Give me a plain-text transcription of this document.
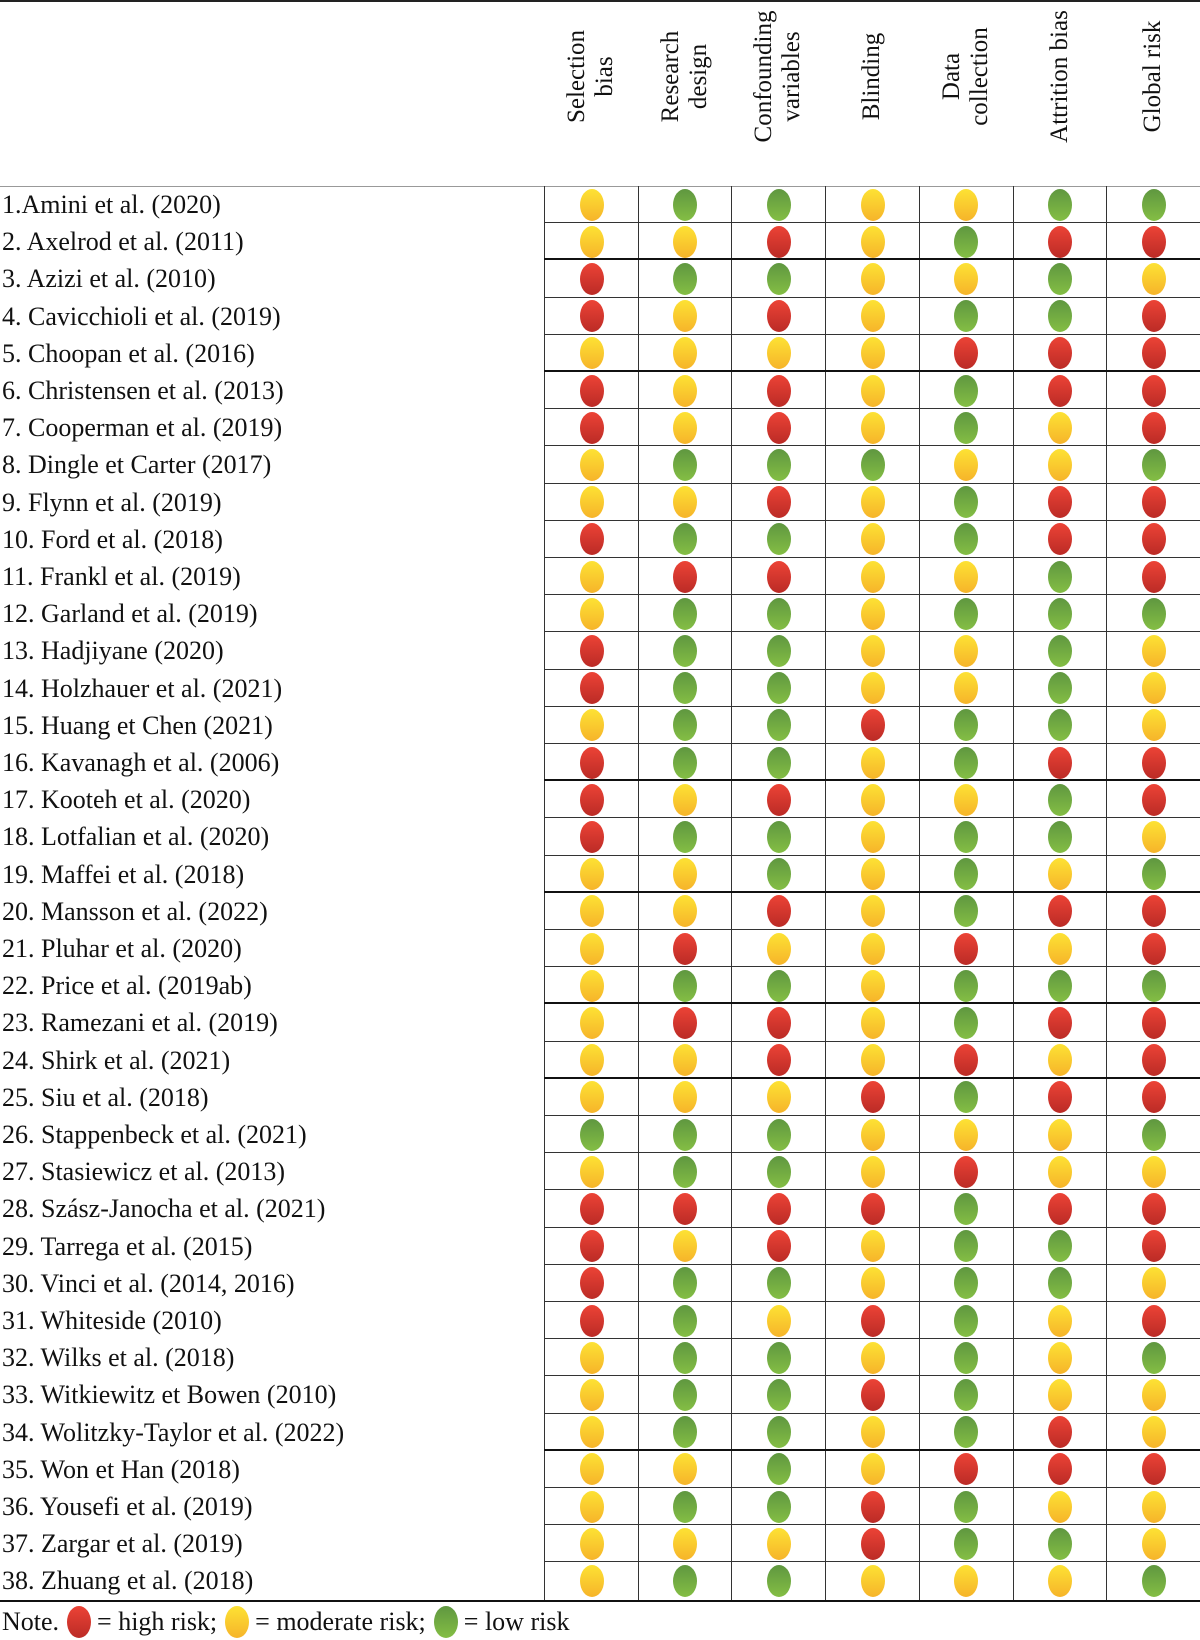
Selection bias Research design Confounding variables Blinding Data collection Attrition bias	Global risk
1.Amini et al. (2020)
2. Axelrod et al. (2011)
3. Azizi et al. (2010)
4. Cavicchioli et al. (2019)
5. Choopan et al. (2016)
6. Christensen et al. (2013)
7. Cooperman et al. (2019)
8. Dingle et Carter (2017)
9. Flynn et al. (2019)
10. Ford et al. (2018)
11. Frankl et al. (2019)
12. Garland et al. (2019)
13. Hadjiyane (2020)
14. Holzhauer et al. (2021)
15. Huang et Chen (2021)
16. Kavanagh et al. (2006)
17. Kooteh et al. (2020)
18. Lotfalian et al. (2020)
19. Maffei et al. (2018)
20. Mansson et al. (2022)
21. Pluhar et al. (2020)
22. Price et al. (2019ab)
23. Ramezani et al. (2019)
24. Shirk et al. (2021)
25. Siu et al. (2018)
26. Stappenbeck et al. (2021)
27. Stasiewicz et al. (2013)
28. Szász-Janocha et al. (2021)
29. Tarrega et al. (2015)
30. Vinci et al. (2014, 2016)
31. Whiteside (2010)
32. Wilks et al. (2018)
33. Witkiewitz et Bowen (2010)
34. Wolitzky-Taylor et al. (2022)
35. Won et Han (2018)
36. Yousefi et al. (2019)
37. Zargar et al. (2019)
38. Zhuang et al. (2018)
Note. = high risk; = moderate risk; = low risk
